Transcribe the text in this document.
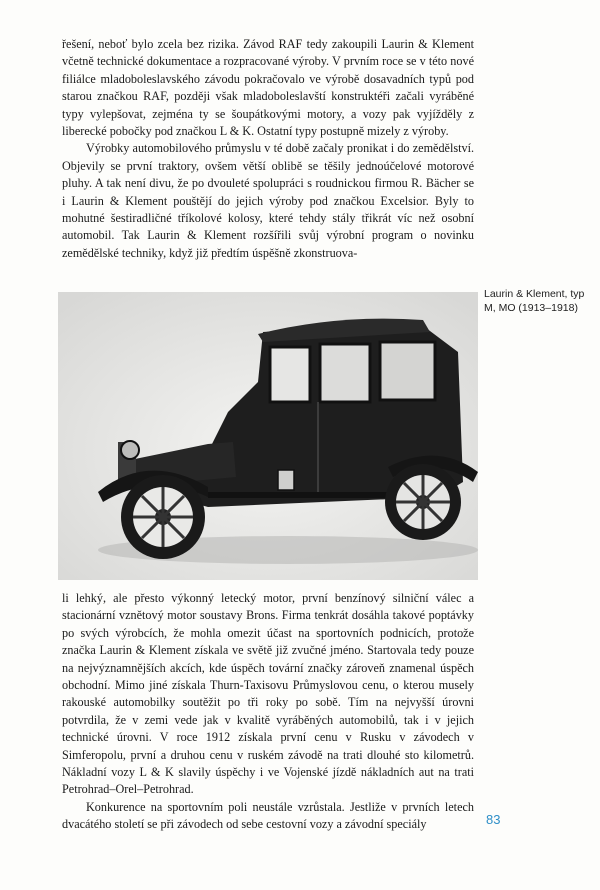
řešení, neboť bylo zcela bez rizika. Závod RAF tedy zakoupili Laurin & Klement včetně technické dokumentace a rozpracované výroby. V prvním roce se v této nové filiálce mladoboleslavského závodu pokračovalo ve výrobě dosavadních typů pod starou značkou RAF, později však mladoboleslavští konstruktéři začali vyráběné typy vylepšovat, zejména ty se šoupátkovými motory, a vozy pak vyjížděly z liberecké pobočky pod značkou L & K. Ostatní typy postupně mizely z výroby.

Výrobky automobilového průmyslu v té době začaly pronikat i do zemědělství. Objevily se první traktory, ovšem větší oblibě se těšily jednoúčelové motorové pluhy. A tak není divu, že po dvouleté spolupráci s roudnickou firmou R. Bächer se i Laurin & Klement pouštějí do jejich výroby pod značkou Excelsior. Byly to mohutné šestiradličné tříkolové kolosy, které tehdy stály třikrát víc než osobní automobil. Tak Laurin & Klement rozšířili svůj výrobní program o novinku zemědělské techniky, když již předtím úspěšně zkonstruova-

Laurin & Klement, typ M, MO (1913–1918)

li lehký, ale přesto výkonný letecký motor, první benzínový silniční válec a stacionární vznětový motor soustavy Brons. Firma tenkrát dosáhla takové poptávky po svých výrobcích, že mohla omezit účast na sportovních podnicích, protože značka Laurin & Klement získala ve světě již zvučné jméno. Startovala tedy pouze na nejvýznamnějších akcích, kde úspěch tovární značky zároveň znamenal úspěch obchodní. Mimo jiné získala Thurn-Taxisovu Průmyslovou cenu, o kterou musely rakouské automobilky soutěžit po tři roky po sobě. Tím na nejvyšší úrovni potvrdila, že v zemi vede jak v kvalitě vyráběných automobilů, tak i v jejich technické úrovni. V roce 1912 získala první cenu v Rusku v závodech v Simferopolu, první a druhou cenu v ruském závodě na trati dlouhé sto kilometrů. Nákladní vozy L & K slavily úspěchy i ve Vojenské jízdě nákladních aut na trati Petrohrad–Orel–Petrohrad.

Konkurence na sportovním poli neustále vzrůstala. Jestliže v prvních letech dvacátého století se při závodech od sebe cestovní vozy a závodní speciály	83
